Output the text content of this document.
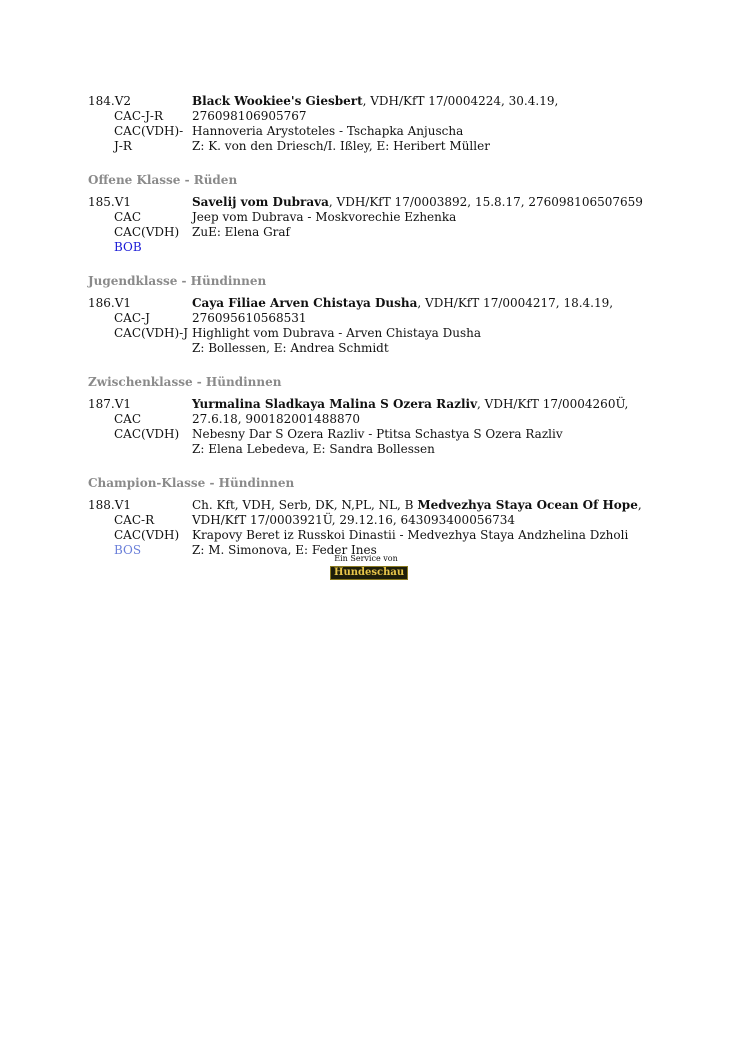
184.V2
CAC-J-R
CAC(VDH)-J-R
Black Wookiee's Giesbert, VDH/KfT 17/0004224, 30.4.19, 276098106905767
Hannoveria Arystoteles - Tschapka Anjuscha
Z: K. von den Driesch/I. Ißley, E: Heribert Müller
Offene Klasse - Rüden
185.V1
CAC
CAC(VDH)
BOB
Savelij vom Dubrava, VDH/KfT 17/0003892, 15.8.17, 276098106507659
Jeep vom Dubrava - Moskvorechie Ezhenka
ZuE: Elena Graf
Jugendklasse - Hündinnen
186.V1
CAC-J
CAC(VDH)-J
Caya Filiae Arven Chistaya Dusha, VDH/KfT 17/0004217, 18.4.19, 276095610568531
Highlight vom Dubrava - Arven Chistaya Dusha
Z: Bollessen, E: Andrea Schmidt
Zwischenklasse - Hündinnen
187.V1
CAC
CAC(VDH)
Yurmalina Sladkaya Malina S Ozera Razliv, VDH/KfT 17/0004260Ü, 27.6.18, 900182001488870
Nebesny Dar S Ozera Razliv - Ptitsa Schastya S Ozera Razliv
Z: Elena Lebedeva, E: Sandra Bollessen
Champion-Klasse - Hündinnen
188.V1
CAC-R
CAC(VDH)
BOS
Ch. Kft, VDH, Serb, DK, N,PL, NL, B Medvezhya Staya Ocean Of Hope, VDH/KfT 17/0003921Ü, 29.12.16, 643093400056734
Krapovy Beret iz Russkoi Dinastii - Medvezhya Staya Andzhelina Dzholi
Z: M. Simonova, E: Feder Ines
Ein Service von
Hundeschau
